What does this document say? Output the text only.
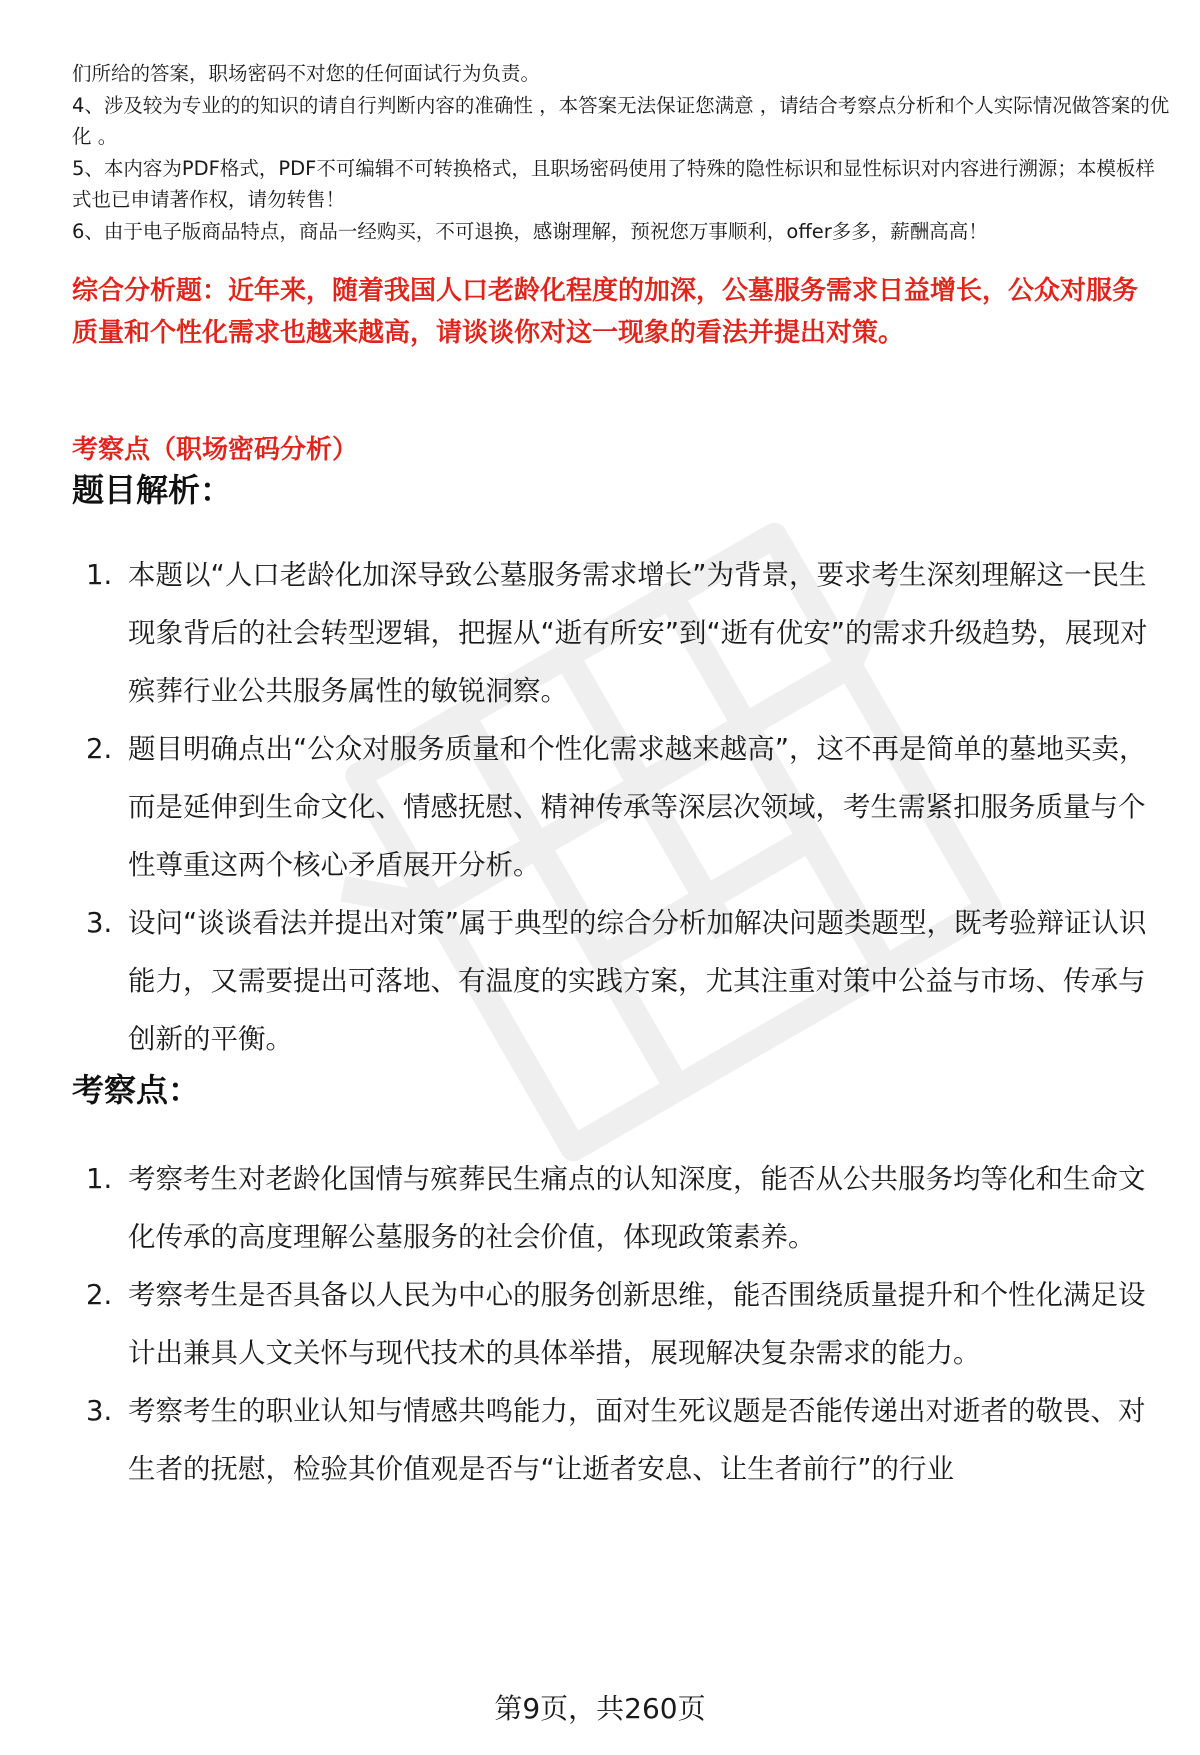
们所给的答案，职场密码不对您的任何面试行为负责。

4、涉及较为专业的的知识的请自行判断内容的准确性 ，本答案无法保证您满意 ，请结合考察点分析和个人实际情况做答案的优化 。

5、本内容为PDF格式，PDF不可编辑不可转换格式，且职场密码使用了特殊的隐性标识和显性标识对内容进行溯源；本模板样式也已申请著作权，请勿转售！

6、由于电子版商品特点，商品一经购买，不可退换，感谢理解，预祝您万事顺利，offer多多，薪酬高高！

综合分析题：近年来，随着我国人口老龄化程度的加深，公墓服务需求日益增长，公众对服务质量和个性化需求也越来越高，请谈谈你对这一现象的看法并提出对策。

考察点（职场密码分析）

题目解析：
1. 本题以“人口老龄化加深导致公墓服务需求增长”为背景，要求考生深刻理解这一民生现象背后的社会转型逻辑，把握从“逝有所安”到“逝有优安”的需求升级趋势，展现对殡葬行业公共服务属性的敏锐洞察。
2. 题目明确点出“公众对服务质量和个性化需求越来越高”，这不再是简单的墓地买卖，而是延伸到生命文化、情感抚慰、精神传承等深层次领域，考生需紧扣服务质量与个性尊重这两个核心矛盾展开分析。
3. 设问“谈谈看法并提出对策”属于典型的综合分析加解决问题类题型，既考验辩证认识能力，又需要提出可落地、有温度的实践方案，尤其注重对策中公益与市场、传承与创新的平衡。
考察点：
1. 考察考生对老龄化国情与殡葬民生痛点的认知深度，能否从公共服务均等化和生命文化传承的高度理解公墓服务的社会价值，体现政策素养。
2. 考察考生是否具备以人民为中心的服务创新思维，能否围绕质量提升和个性化满足设计出兼具人文关怀与现代技术的具体举措，展现解决复杂需求的能力。
3. 考察考生的职业认知与情感共鸣能力，面对生死议题是否能传递出对逝者的敬畏、对生者的抚慰，检验其价值观是否与“让逝者安息、让生者前行”的行业

第9页，共260页
